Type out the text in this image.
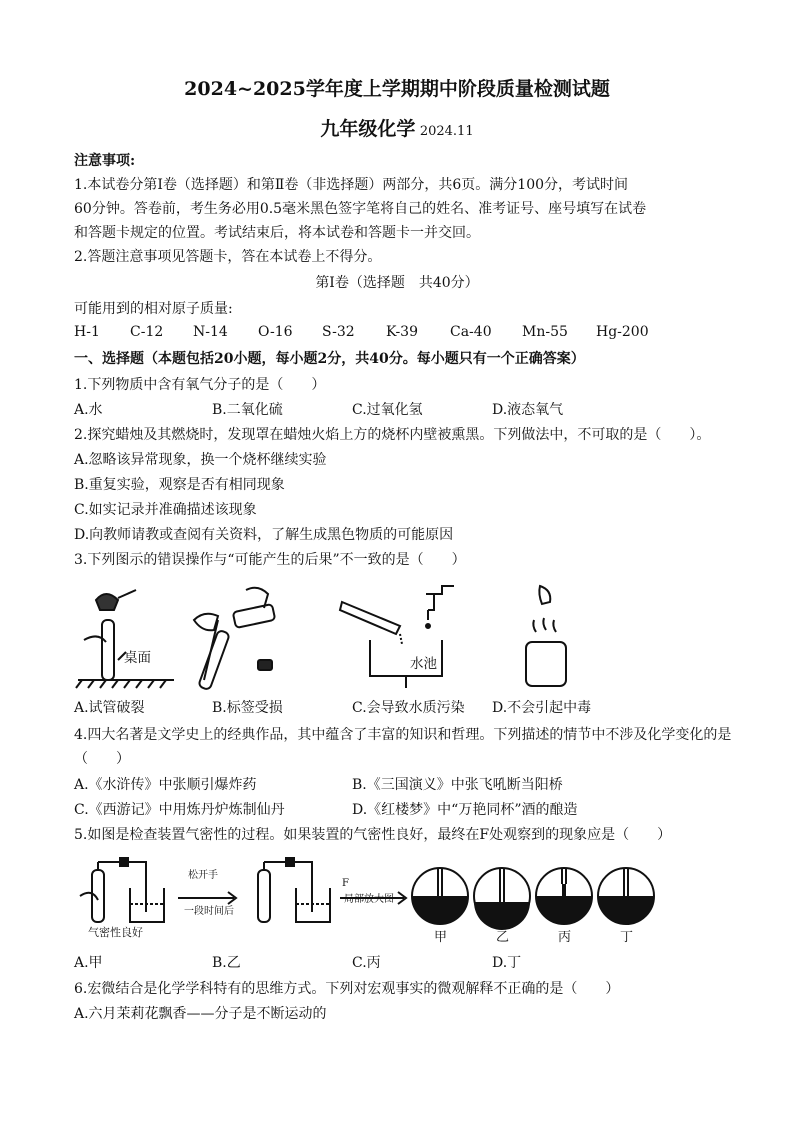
2024~2025学年度上学期期中阶段质量检测试题
九年级化学 2024.11
注意事项:
1.本试卷分第Ⅰ卷（选择题）和第Ⅱ卷（非选择题）两部分，共6页。满分100分，考试时间
60分钟。答卷前，考生务必用0.5毫米黑色签字笔将自己的姓名、准考证号、座号填写在试卷
和答题卡规定的位置。考试结束后，将本试卷和答题卡一并交回。
2.答题注意事项见答题卡，答在本试卷上不得分。
第Ⅰ卷（选择题　共40分）
可能用到的相对原子质量:
H-1 C-12 N-14 O-16 S-32 K-39 Ca-40 Mn-55 Hg-200
一、选择题（本题包括20小题，每小题2分，共40分。每小题只有一个正确答案）
1.下列物质中含有氧气分子的是（　　）
A.水	B.二氧化硫	C.过氧化氢	D.液态氧气
2.探究蜡烛及其燃烧时，发现罩在蜡烛火焰上方的烧杯内壁被熏黑。下列做法中，不可取的是（　　）。
A.忽略该异常现象，换一个烧杯继续实验
B.重复实验，观察是否有相同现象
C.如实记录并准确描述该现象
D.向教师请教或查阅有关资料，了解生成黑色物质的可能原因
3.下列图示的错误操作与“可能产生的后果”不一致的是（　　）
桌面	水池
A.试管破裂	B.标签受损	C.会导致水质污染 D.不会引起中毒
4.四大名著是文学史上的经典作品，其中蕴含了丰富的知识和哲理。下列描述的情节中不涉及化学变化的是
（　　）
A.《水浒传》中张顺引爆炸药	B.《三国演义》中张飞吼断当阳桥
C.《西游记》中用炼丹炉炼制仙丹	D.《红楼梦》中“万艳同杯”酒的酿造
5.如图是检查装置气密性的过程。如果装置的气密性良好，最终在F处观察到的现象应是（　　）
气密性良好
松开手
一段时间后
F
局部放大图
甲	乙	丙	丁
A.甲	B.乙	C.丙	D.丁
6.宏微结合是化学学科特有的思维方式。下列对宏观事实的微观解释不正确的是（　　）
A.六月茉莉花飘香——分子是不断运动的
